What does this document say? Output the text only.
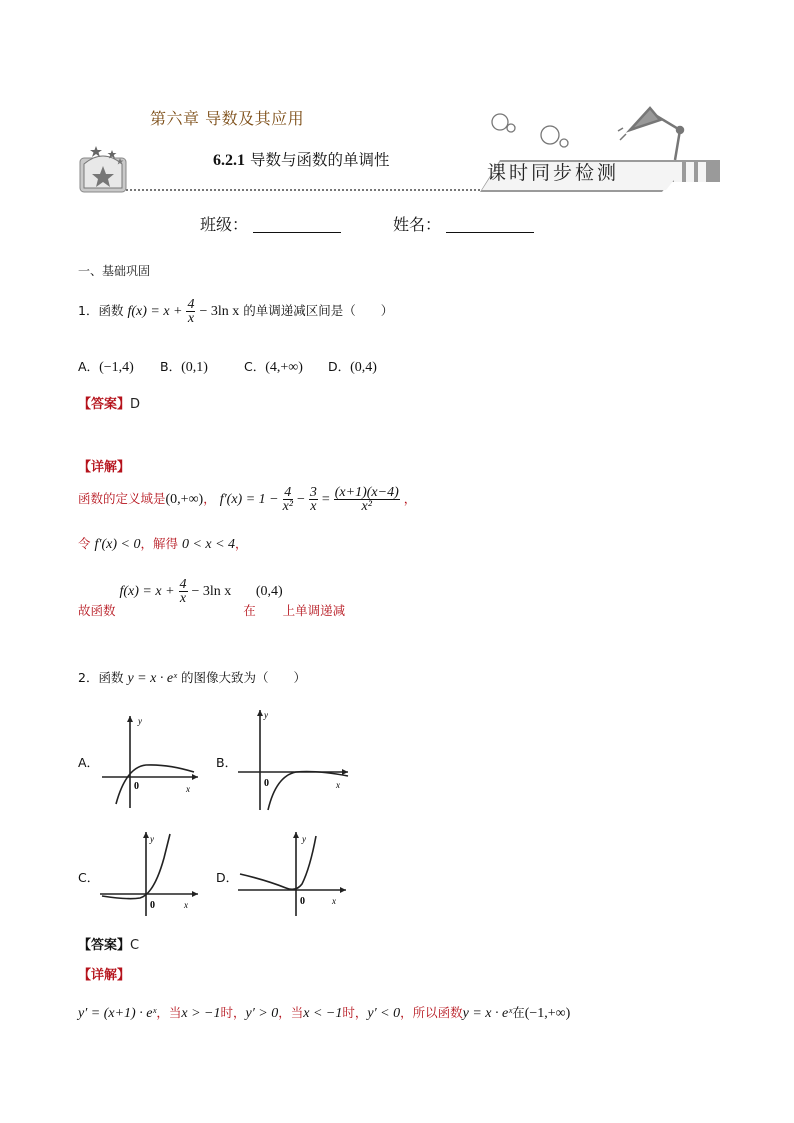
第六章 导数及其应用
6.2.1 导数与函数的单调性
课时同步检测
班级：	姓名：
一、基础巩固
1．函数 $f(x) = x + \frac{4}{x} - 3\ln$ x 的单调递减区间是（　　）
A．(−1,4) B．(0,1)	C．(4,+∞) D．(0,4)
【答案】D
【详解】
函数的定义域是(0,+∞)， $f'(x) = 1 - \frac{4}{\text{x²}} - \frac{3}{x} = \frac{(x+1)(x-4)}{\text{x²}}$ ，
令 f′(x) < 0，解得 0 < x < 4，
故函数 $f(x) = x + \frac{4}{x} - 3\ln$ x 在(0,4)上单调递减
2．函数 y = x · eˣ 的图像大致为（　　）
A．	B．
C．	D．
y
x
0
y
x
0
y
x
0
y
x
0
【答案】C
【详解】
y′ = (x+1) · eˣ，当x > −1时，y′ > 0，当x < −1时，y′ < 0，所以函数y = x · eˣ在(−1,+∞)
